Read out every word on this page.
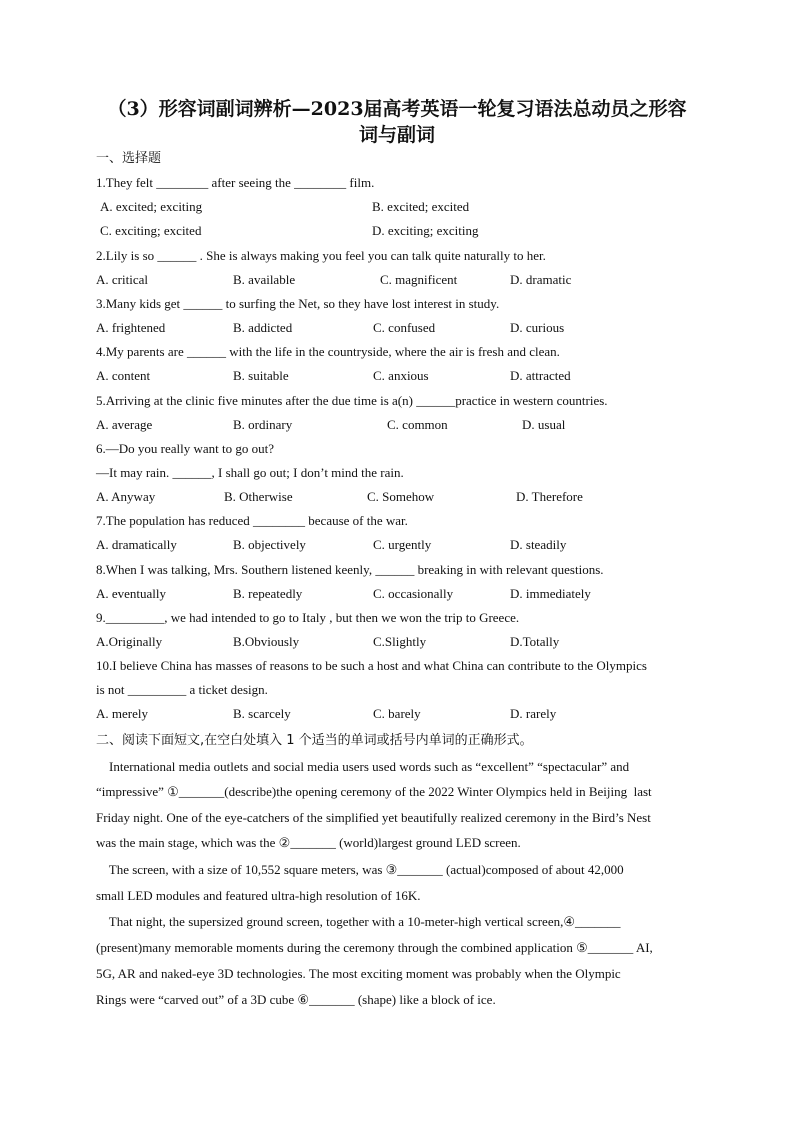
（3）形容词副词辨析—2023届高考英语一轮复习语法总动员之形容
词与副词
一、选择题
1.They felt ________ after seeing the ________ film.
A. excited; exciting	B. excited; excited
C. exciting; excited	D. exciting; exciting
2.Lily is so ______ . She is always making you feel you can talk quite naturally to her.
A. critical	B. available	C. magnificent	D. dramatic
3.Many kids get ______ to surfing the Net, so they have lost interest in study.
A. frightened	B. addicted	C. confused	D. curious
4.My parents are ______ with the life in the countryside, where the air is fresh and clean.
A. content	B. suitable	C. anxious	D. attracted
5.Arriving at the clinic five minutes after the due time is a(n) ______practice in western countries.
A. average	B. ordinary	C. common	D. usual
6.—Do you really want to go out?
—It may rain. ______, I shall go out; I don’t mind the rain.
A. Anyway	B. Otherwise	C. Somehow	D. Therefore
7.The population has reduced ________ because of the war.
A. dramatically	B. objectively	C. urgently	D. steadily
8.When I was talking, Mrs. Southern listened keenly, ______ breaking in with relevant questions.
A. eventually	B. repeatedly	C. occasionally	D. immediately
9._________, we had intended to go to Italy , but then we won the trip to Greece.
A.Originally	B.Obviously	C.Slightly	D.Totally
10.I believe China has masses of reasons to be such a host and what China can contribute to the Olympics
is not _________ a ticket design.
A. merely	B. scarcely	C. barely	D. rarely
二、阅读下面短文,在空白处填入 1 个适当的单词或括号内单词的正确形式。
International media outlets and social media users used words such as “excellent” “spectacular” and
“impressive” ①_______(describe)the opening ceremony of the 2022 Winter Olympics held in Beijing  last
Friday night. One of the eye-catchers of the simplified yet beautifully realized ceremony in the Bird’s Nest
was the main stage, which was the ②_______ (world)largest ground LED screen.
The screen, with a size of 10,552 square meters, was ③_______ (actual)composed of about 42,000
small LED modules and featured ultra-high resolution of 16K.
That night, the supersized ground screen, together with a 10-meter-high vertical screen,④_______
(present)many memorable moments during the ceremony through the combined application ⑤_______ AI,
5G, AR and naked-eye 3D technologies. The most exciting moment was probably when the Olympic
Rings were “carved out” of a 3D cube ⑥_______ (shape) like a block of ice.
